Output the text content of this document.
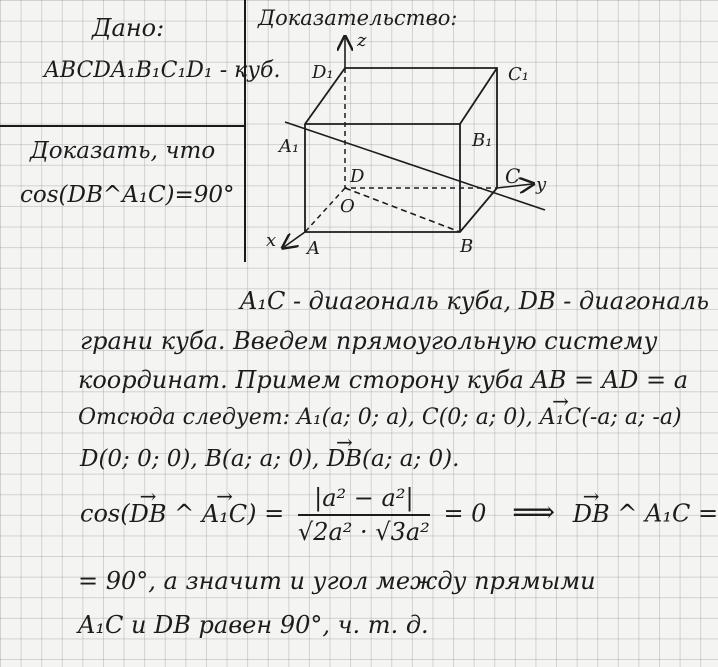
Дано:
ABCDA₁B₁C₁D₁ - куб.
Доказать, что
cos(DB^A₁C)=90°
Доказательство:
D₁	C₁
A₁	B₁
D
O
C
A	B
z
y
x
A₁C - диагональ куба, DB - диагональ
грани куба. Введем прямоугольную систему
координат. Примем сторону куба AB = AD = a
Отсюда следует: A₁(a; 0; a), C(0; a; 0), → A₁C(-a; a; -a)
D(0; 0; 0), B(a; a; 0), → DB(a; a; 0).
cos(→ DB ^ → $A_1C) = \frac{\text{|a² − a²|}}{\text{√2a² · √3a²}} = 0$ ⟹ → DB ^ A₁C =
= 90°, а значит и угол между прямыми
A₁C и DB равен 90°, ч. т. д.
